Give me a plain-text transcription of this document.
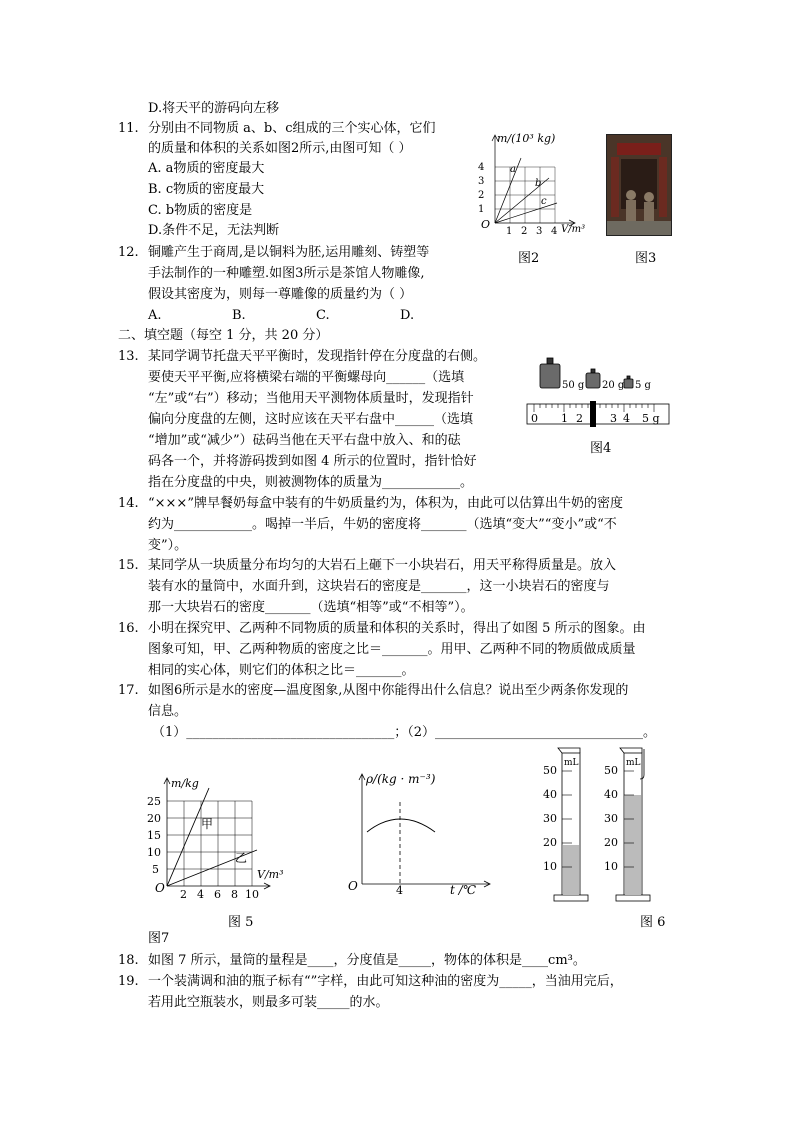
D.将天平的游码向左移
11. 分别由不同物质 a、b、c组成的三个实心体，它们
的质量和体积的关系如图2所示,由图可知（ ）
A. a物质的密度最大
B. c物质的密度最大
C. b物质的密度是
D.条件不足，无法判断
m/(10³ kg)
1
2
3
4
O
1 2 3 4 V/m³
a
b
c
图2	图3
12. 铜雕产生于商周,是以铜料为胚,运用雕刻、铸塑等
手法制作的一种雕塑.如图3所示是茶馆人物雕像,
假设其密度为，则每一尊雕像的质量约为（ ）
A.	B.	C.	D.
二、填空题（每空 1 分，共 20 分）
13. 某同学调节托盘天平平衡时，发现指针停在分度盘的右侧。
要使天平平衡,应将横梁右端的平衡螺母向______（选填
“左”或“右”）移动；当他用天平测物体质量时，发现指针
偏向分度盘的左侧，这时应该在天平右盘中______（选填
“增加”或“减少”）砝码当他在天平右盘中放入、和的砝
码各一个，并将游码拨到如图 4 所示的位置时，指针恰好
指在分度盘的中央，则被测物体的质量为____________。
50 g 20 g 5 g
0 1 2 3 4 5 g
图4
14. “×××”牌早餐奶每盒中装有的牛奶质量约为，体积为，由此可以估算出牛奶的密度
约为____________。喝掉一半后，牛奶的密度将_______（选填“变大”“变小”或“不
变”）。
15. 某同学从一块质量分布均匀的大岩石上砸下一小块岩石，用天平称得质量是。放入
装有水的量筒中，水面升到，这块岩石的密度是_______，这一小块岩石的密度与
那一大块岩石的密度_______（选填“相等”或“不相等”）。
16. 小明在探究甲、乙两种不同物质的质量和体积的关系时，得出了如图 5 所示的图象。由
图象可知，甲、乙两种物质的密度之比＝_______。用甲、乙两种不同的物质做成质量
相同的实心体，则它们的体积之比＝_______。
17. 如图6所示是水的密度—温度图象,从图中你能得出什么信息？说出至少两条你发现的
信息。
（1）________________________________；（2）________________________________。
m/kg
5
10
15
20
25
O 2 4 6 8 10
V/m³
甲
乙
图 5
ρ/(kg · m⁻³)
O	4	t /℃
mL
50
40
30
20
10
mL
50
40
30
20
10
图 6
图7
18. 如图 7 所示，量筒的量程是____，分度值是_____，物体的体积是____cm³。
19. 一个装满调和油的瓶子标有“”字样，由此可知这种油的密度为_____，当油用完后，
若用此空瓶装水，则最多可装_____的水。
